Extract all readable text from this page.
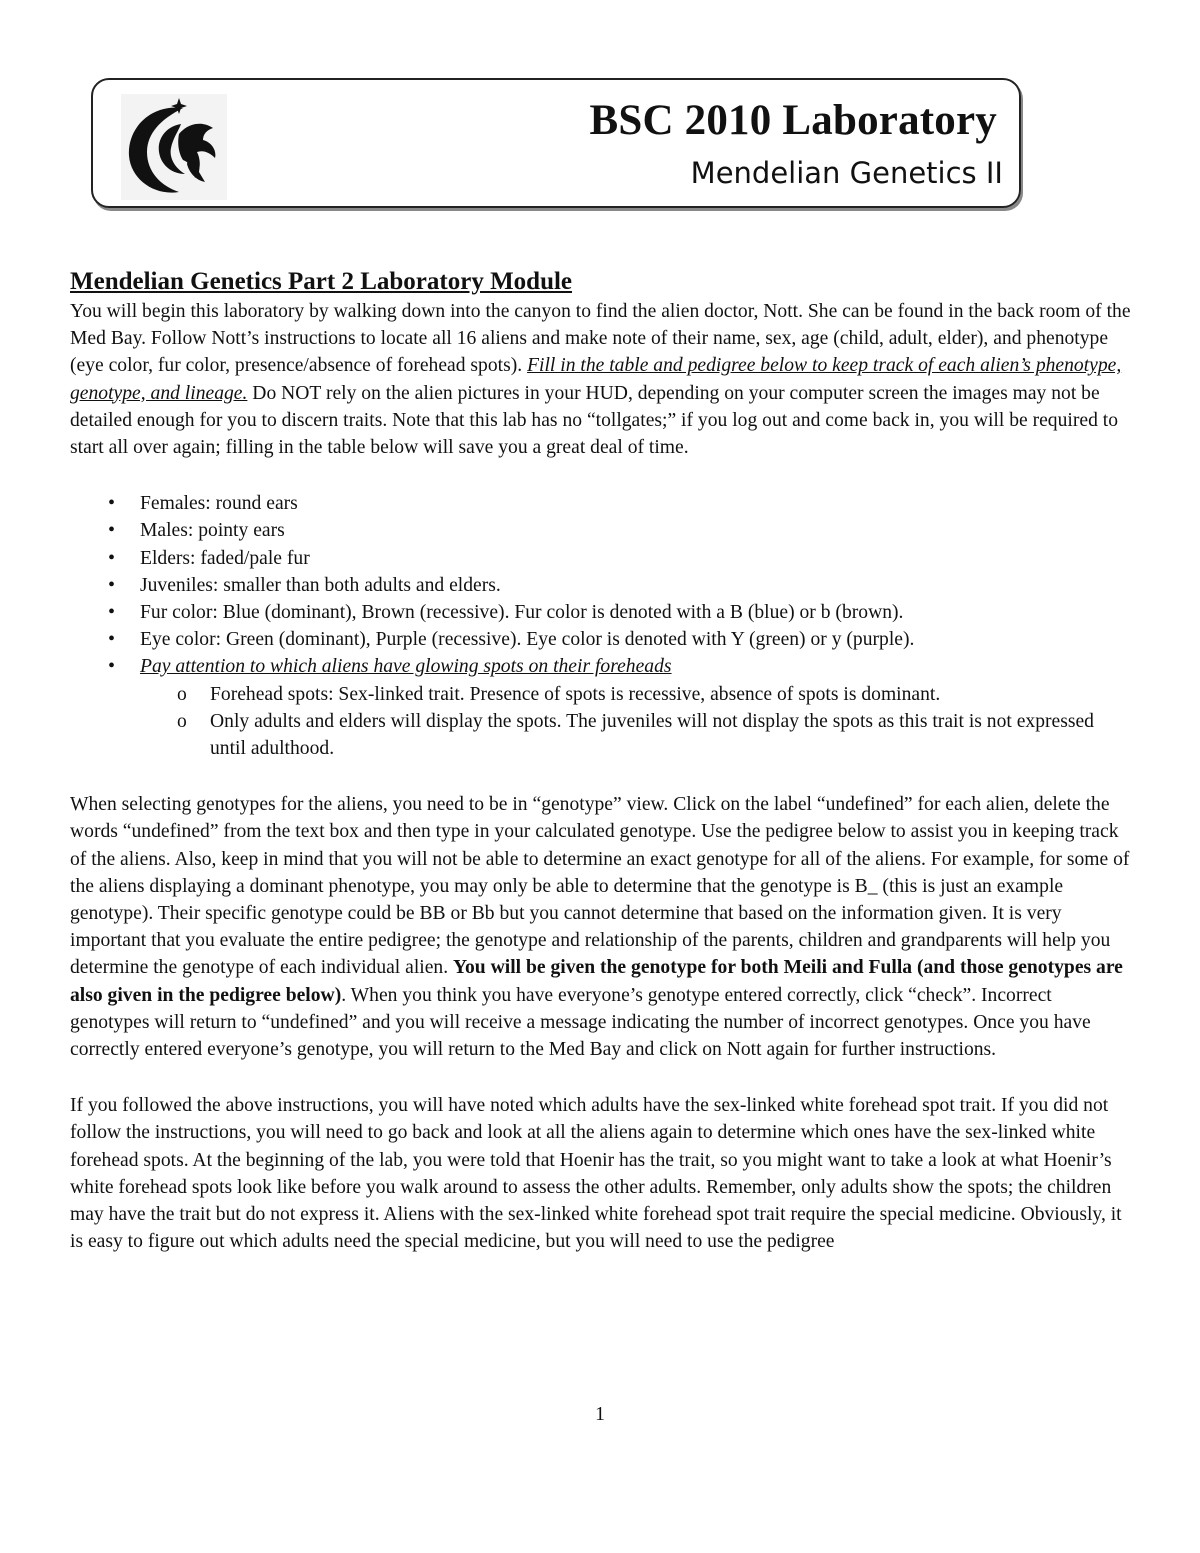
BSC 2010 Laboratory
Mendelian Genetics II
Mendelian Genetics Part 2 Laboratory Module

You will begin this laboratory by walking down into the canyon to find the alien doctor, Nott. She can be found in the back room of the Med Bay. Follow Nott’s instructions to locate all 16 aliens and make note of their name, sex, age (child, adult, elder), and phenotype (eye color, fur color, presence/absence of forehead spots). Fill in the table and pedigree below to keep track of each alien’s phenotype, genotype, and lineage. Do NOT rely on the alien pictures in your HUD, depending on your computer screen the images may not be detailed enough for you to discern traits. Note that this lab has no “tollgates;” if you log out and come back in, you will be required to start all over again; filling in the table below will save you a great deal of time.

• Females: round ears
• Males: pointy ears
• Elders: faded/pale fur
• Juveniles: smaller than both adults and elders.
• Fur color: Blue (dominant), Brown (recessive). Fur color is denoted with a B (blue) or b (brown).
• Eye color: Green (dominant), Purple (recessive). Eye color is denoted with Y (green) or y (purple).
• Pay attention to which aliens have glowing spots on their foreheads
o Forehead spots: Sex-linked trait. Presence of spots is recessive, absence of spots is dominant.
o Only adults and elders will display the spots. The juveniles will not display the spots as this trait is not expressed until adulthood.

When selecting genotypes for the aliens, you need to be in “genotype” view. Click on the label “undefined” for each alien, delete the words “undefined” from the text box and then type in your calculated genotype. Use the pedigree below to assist you in keeping track of the aliens. Also, keep in mind that you will not be able to determine an exact genotype for all of the aliens. For example, for some of the aliens displaying a dominant phenotype, you may only be able to determine that the genotype is B_ (this is just an example genotype). Their specific genotype could be BB or Bb but you cannot determine that based on the information given. It is very important that you evaluate the entire pedigree; the genotype and relationship of the parents, children and grandparents will help you determine the genotype of each individual alien. You will be given the genotype for both Meili and Fulla (and those genotypes are also given in the pedigree below). When you think you have everyone’s genotype entered correctly, click “check”. Incorrect genotypes will return to “undefined” and you will receive a message indicating the number of incorrect genotypes. Once you have correctly entered everyone’s genotype, you will return to the Med Bay and click on Nott again for further instructions.

If you followed the above instructions, you will have noted which adults have the sex-linked white forehead spot trait. If you did not follow the instructions, you will need to go back and look at all the aliens again to determine which ones have the sex-linked white forehead spots. At the beginning of the lab, you were told that Hoenir has the trait, so you might want to take a look at what Hoenir’s white forehead spots look like before you walk around to assess the other adults. Remember, only adults show the spots; the children may have the trait but do not express it. Aliens with the sex-linked white forehead spot trait require the special medicine. Obviously, it is easy to figure out which adults need the special medicine, but you will need to use the pedigree

1
